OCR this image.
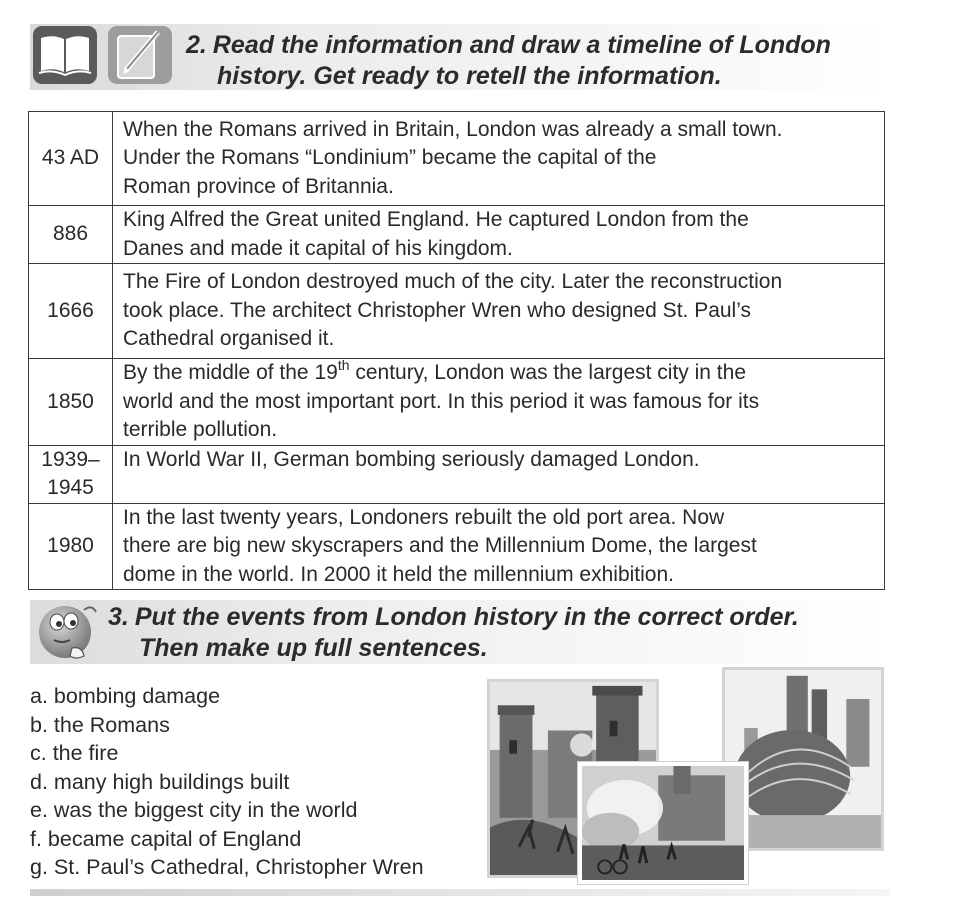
2. Read the information and draw a timeline of London
history. Get ready to retell the information.
43 AD	When the Romans arrived in Britain, London was already a small town.
Under the Romans “Londinium” became the capital of the
Roman province of Britannia.

886	King Alfred the Great united England. He captured London from the
Danes and made it capital of his kingdom.

1666	The Fire of London destroyed much of the city. Later the reconstruction
took place. The architect Christopher Wren who designed St. Paul’s
Cathedral organised it.

1850	By the middle of the 19th century, London was the largest city in the
world and the most important port. In this period it was famous for its
terrible pollution.

1939–
1945	In World War II, German bombing seriously damaged London.

1980	In the last twenty years, Londoners rebuilt the old port area. Now
there are big new skyscrapers and the Millennium Dome, the largest
dome in the world. In 2000 it held the millennium exhibition.
3. Put the events from London history in the correct order.
Then make up full sentences.
a. bombing damage
b. the Romans
c. the fire
d. many high buildings built
e. was the biggest city in the world
f. became capital of England
g. St. Paul’s Cathedral, Christopher Wren
